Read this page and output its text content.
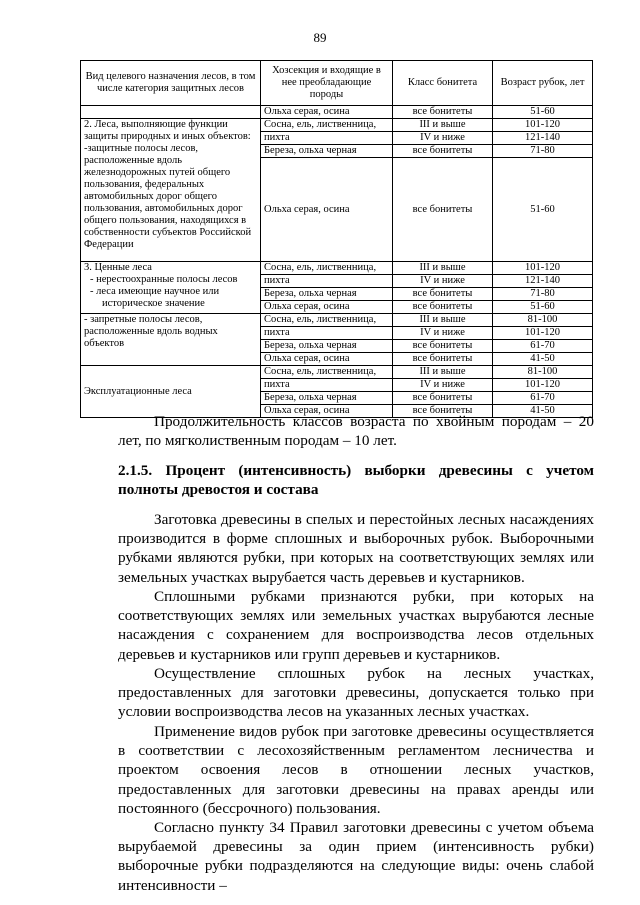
89
Вид целевого назначения лесов, в том числе категория защитных лесов	Хозсекция и входящие в нее преобладающие породы	Класс бонитета	Возраст рубок, лет
	Ольха серая, осина	все бонитеты	51-60
2. Леса, выполняющие функции защиты природных и иных объектов: -защитные полосы лесов, расположенные вдоль железнодорожных путей общего пользования, федеральных автомобильных дорог общего пользования, автомобильных дорог общего пользования, находящихся в собственности субъектов Российской Федерации	Сосна, ель, лиственница,	III и выше	101-120
	пихта	IV и ниже	121-140
	Береза, ольха черная	все бонитеты	71-80
	Ольха серая, осина	все бонитеты	51-60

3. Ценные леса
- нерестоохранные полосы лесов
- леса имеющие научное или
историческое значение	Сосна, ель, лиственница,	III и выше	101-120
	пихта	IV и ниже	121-140
	Береза, ольха черная	все бонитеты	71-80
	Ольха серая, осина	все бонитеты	51-60
- запретные полосы лесов, расположенные вдоль водных объектов	Сосна, ель, лиственница,	III и выше	81-100
	пихта	IV и ниже	101-120
	Береза, ольха черная	все бонитеты	61-70
	Ольха серая, осина	все бонитеты	41-50
Эксплуатационные леса	Сосна, ель, лиственница,	III и выше	81-100
	пихта	IV и ниже	101-120
	Береза, ольха черная	все бонитеты	61-70
	Ольха серая, осина	все бонитеты	41-50

Продолжительность классов возраста по хвойным породам – 20 лет, по мягколиственным породам – 10 лет.

2.1.5. Процент (интенсивность) выборки древесины с учетом
полноты древостоя и состава

Заготовка древесины в спелых и перестойных лесных насаждениях производится в форме сплошных и выборочных рубок. Выборочными рубками являются рубки, при которых на соответствующих землях или земельных участках вырубается часть деревьев и кустарников.

Сплошными рубками признаются рубки, при которых на соответствующих землях или земельных участках вырубаются лесные насаждения с сохранением для воспроизводства лесов отдельных деревьев и кустарников или групп деревьев и кустарников.

Осуществление сплошных рубок на лесных участках, предоставленных для заготовки древесины, допускается только при условии воспроизводства лесов на указанных лесных участках.

Применение видов рубок при заготовке древесины осуществляется в соответствии с лесохозяйственным регламентом лесничества и проектом освоения лесов в отношении лесных участков, предоставленных для заготовки древесины на правах аренды или постоянного (бессрочного) пользования.

Согласно пункту 34 Правил заготовки древесины с учетом объема вырубаемой древесины за один прием (интенсивность рубки) выборочные рубки подразделяются на следующие виды: очень слабой интенсивности –
